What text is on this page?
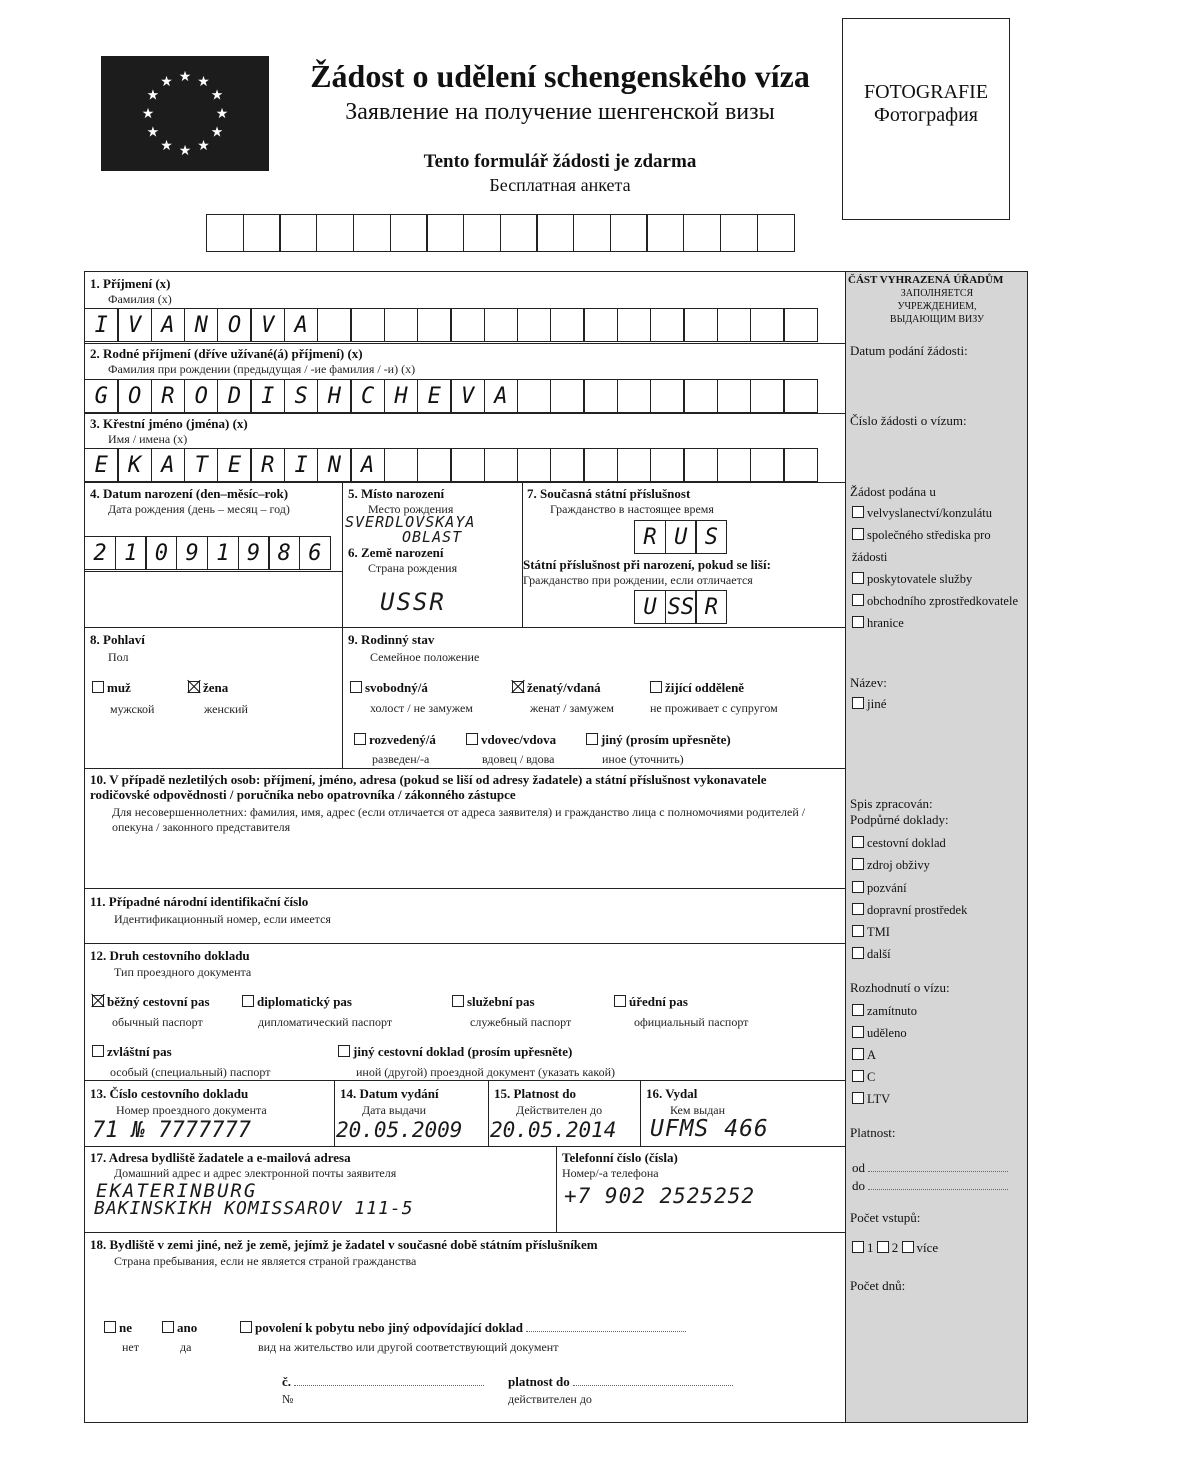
★ ★
★
★
★
★
★
★
★
★
★
★	Žádost o udělení schengenského víza
Заявление на получение шенгенской визы
Tento formulář žádosti je zdarma
Бесплатная анкета
FOTOGRAFIE
Фотография
1. Příjmení (x)
Фамилия (x)
I V A N O V A
2. Rodné příjmení (dříve užívané(á) příjmení) (x)
Фамилия при рождении (предыдущая / -ие фамилия / -и) (x)
G O R O D I S H C H E V A
3. Křestní jméno (jména) (x)
Имя / имена (x)
E K A T E R I N A
4. Datum narození (den–měsíc–rok)
Дата рождения (день – месяц – год)
2 1 0 9 1 9 8 6
5. Místo narození
Место рождения
SVERDLOVSKAYA
OBLAST
6. Země narození
Страна рождения
USSR
7. Současná státní příslušnost
Гражданство в настоящее время
R U S
Státní příslušnost při narození, pokud se liší:
Гражданство при рождении, если отличается
U SS R
8. Pohlaví
Пол
muž
мужской
žena
женский
9. Rodinný stav
Семейное положение
svobodný/á
холост / не замужем
ženatý/vdaná
женат / замужем
žijící odděleně
не проживает с супругом
rozvedený/á
разведен/-а
vdovec/vdova
вдовец / вдова
jiný (prosím upřesněte)
иное (уточнить)
10. V případě nezletilých osob: příjmení, jméno, adresa (pokud se liší od adresy žadatele) a státní příslušnost vykonavatele rodičovské odpovědnosti / poručníka nebo opatrovníka / zákonného zástupce
Для несовершеннолетних: фамилия, имя, адрес (если отличается от адреса заявителя) и гражданство лица с полномочиями родителей / опекуна / законного представителя
11. Případné národní identifikační číslo
Идентификационный номер, если имеется
12. Druh cestovního dokladu
Тип проездного документа
běžný cestovní pas
обычный паспорт
diplomatický pas
дипломатический паспорт
služební pas
служебный паспорт
úřední pas
официальный паспорт
zvláštní pas
особый (специальный) паспорт
jiný cestovní doklad (prosím upřesněte)
иной (другой) проездной документ (указать какой)
13. Číslo cestovního dokladu
Номер проездного документа
71 № 7777777
14. Datum vydání
Дата выдачи
20.05.2009
15. Platnost do
Действителен до
20.05.2014
16. Vydal
Кем выдан
UFMS 466
17. Adresa bydliště žadatele a e-mailová adresa
Домашний адрес и адрес электронной почты заявителя
EKATERINBURG
BAKINSKIKH KOMISSAROV 111-5
Telefonní číslo (čísla)
Номер/-а телефона
+7 902 2525252
18. Bydliště v zemi jiné, než je země, jejímž je žadatel v současné době státním příslušníkem
Страна пребывания, если не является страной гражданства
ne
нет
ano
да
povolení k pobytu nebo jiný odpovídající doklad
вид на жительство или другой соответствующий документ
č.
№
platnost do
действителен до
ČÁST VYHRAZENÁ ÚŘADŮM
ЗАПОЛНЯЕТСЯ
УЧРЕЖДЕНИЕМ,
ВЫДАЮЩИМ ВИЗУ
Datum podání žádosti:
Číslo žádosti o vízum:
Žádost podána u
velvyslanectví/konzulátu
společného střediska pro žádosti
poskytovatele služby
obchodního zprostředkovatele
hranice
Název:
jiné
Spis zpracován:
Podpůrné doklady:
cestovní doklad
zdroj obživy
pozvání
dopravní prostředek
TMI
další
Rozhodnutí o vízu:
zamítnuto
uděleno
A
C
LTV
Platnost:
od
do
Počet vstupů:
1 2 více
Počet dnů:
